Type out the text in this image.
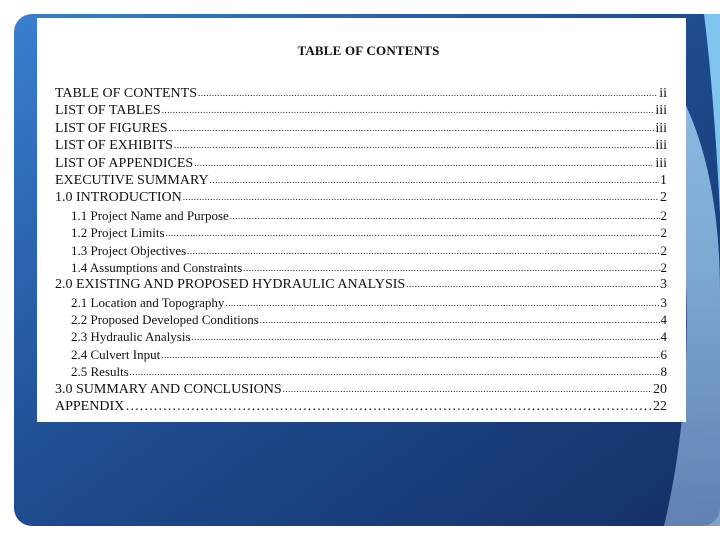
TABLE OF CONTENTS
TABLE OF CONTENTS .....	ii
LIST OF TABLES .....	iii
LIST OF FIGURES .....	iii
LIST OF EXHIBITS .....	iii
LIST OF APPENDICES .....	iii
EXECUTIVE SUMMARY .....	1
1.0 INTRODUCTION .....	2
1.1 Project Name and Purpose .....	2
1.2 Project Limits .....	2
1.3 Project Objectives .....	2
1.4 Assumptions and Constraints .....	2
2.0 EXISTING AND PROPOSED HYDRAULIC ANALYSIS .....	3
2.1 Location and Topography .....	3
2.2 Proposed Developed Conditions .....	4
2.3 Hydraulic Analysis .....	4
2.4 Culvert Input .....	6
2.5 Results .....	8
3.0 SUMMARY AND CONCLUSIONS .....	20
APPENDIX ………………………………………………………………………………………………………………………………………………………………………	22
